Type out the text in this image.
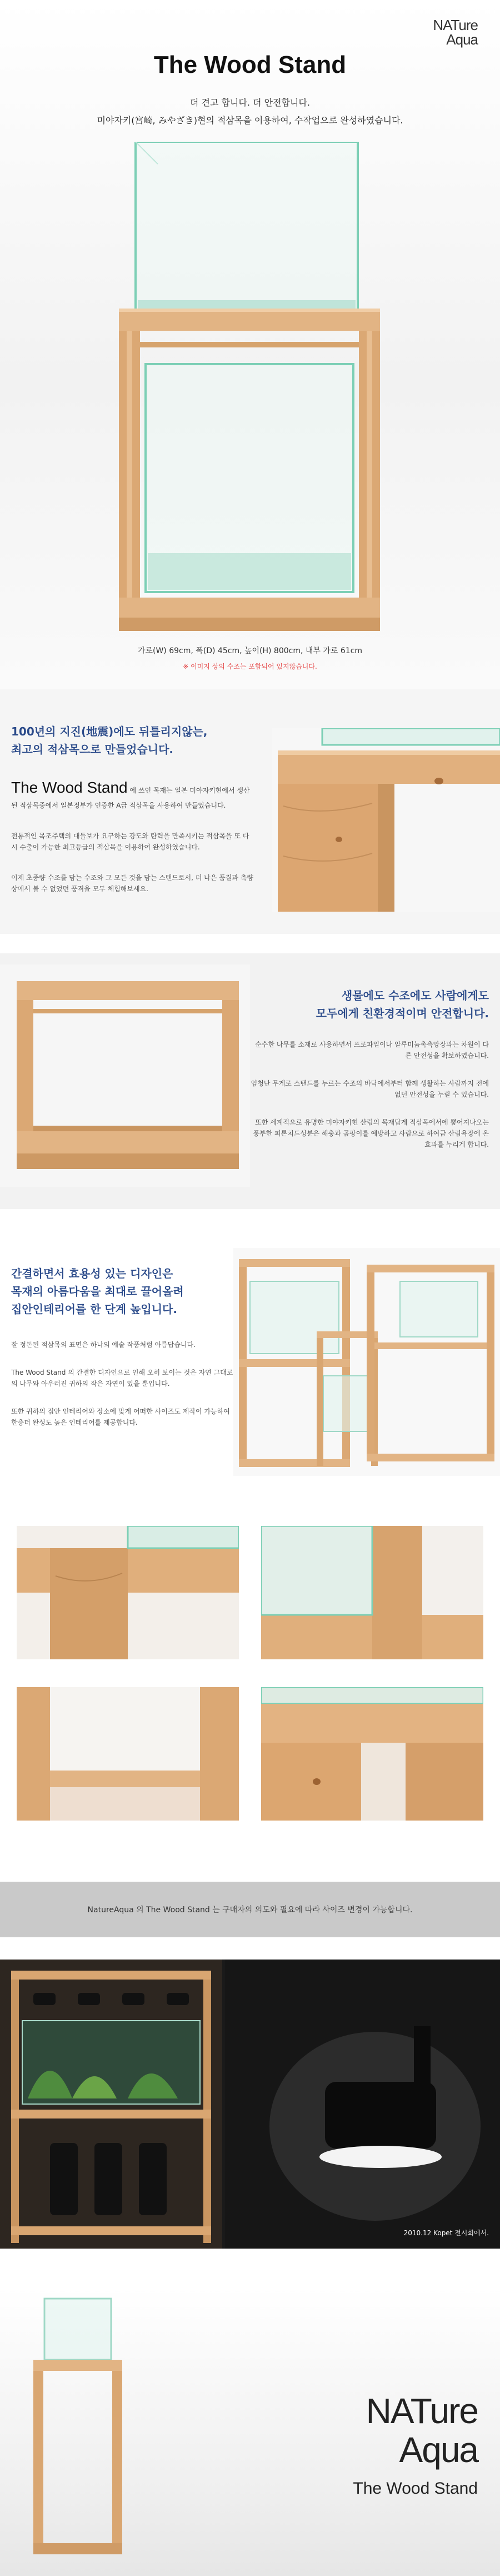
NATure
Aqua
The Wood Stand

더 견고 합니다. 더 안전합니다.

미야자키(宮崎, みやざき)현의 적삼목을 이용하여, 수작업으로 완성하였습니다.

가로(W) 69cm, 폭(D) 45cm, 높이(H) 800cm, 내부 가로 61cm

※ 이미지 상의 수조는 포함되어 있지않습니다.

100년의 지진(地震)에도 뒤틀리지않는,
최고의 적삼목으로 만들었습니다.

The Wood Stand 에 쓰인 목재는 일본 미야자키현에서 생산된 적삼목중에서 일본정부가 인증한 A급 적삼목을 사용하여 만들었습니다.

전통적인 목조주택의 대들보가 요구하는 강도와 탄력을 만족시키는 적삼목을 또 다시 수출이 가능한 최고등급의 적삼목을 이용하여 완성하였습니다.

이제 초중량 수조를 담는 수조와 그 모든 것을 담는 스탠드로서, 더 나은 품질과 측량상에서 볼 수 없었던 품격을 모두 체험해보세요.

생물에도 수조에도 사람에게도
모두에게 친환경적이며 안전합니다.

순수한 나무를 소재로 사용하면서 프로파일이나 알루미늄촉측앙장과는 차원이 다른 안전성을 확보하였습니다.

엄청난 무게로 스탠드를 누르는 수조의 바닥에서부터 함께 생활하는 사람까지 전에 없던 안전성을 누릴 수 있습니다.

또한 세계적으로 유명한 미야자키현 산림의 목재답게 적삼목에서에 뿜어져나오는 풍부한 피톤치드성분은 해충과 곰팡이를 예방하고 사람으로 하여금 산림욕장에 온 효과를 누리게 합니다.

간결하면서 효용성 있는 디자인은
목재의 아름다움을 최대로 끌어올려
집안인테리어를 한 단계 높입니다.

잘 정돈된 적삼목의 표면은 하나의 예술 작품처럼 아름답습니다.

The Wood Stand 의 간결한 디자인으로 인해 오히 보이는 것은 자연 그대로의 나무와 아우러진 귀하의 작은 자연이 있을 뿐입니다.

또한 귀하의 집안 인테리어와 장소에 맞게 어떠한 사이즈도 제작이 가능하여 한층더 완성도 높은 인테리어를 제공합니다.

NatureAqua 의 The Wood Stand 는 구매자의 의도와 필요에 따라 사이즈 변경이 가능합니다.

2010.12 Kopet 전시회에서.

NATure
Aqua
The Wood Stand
